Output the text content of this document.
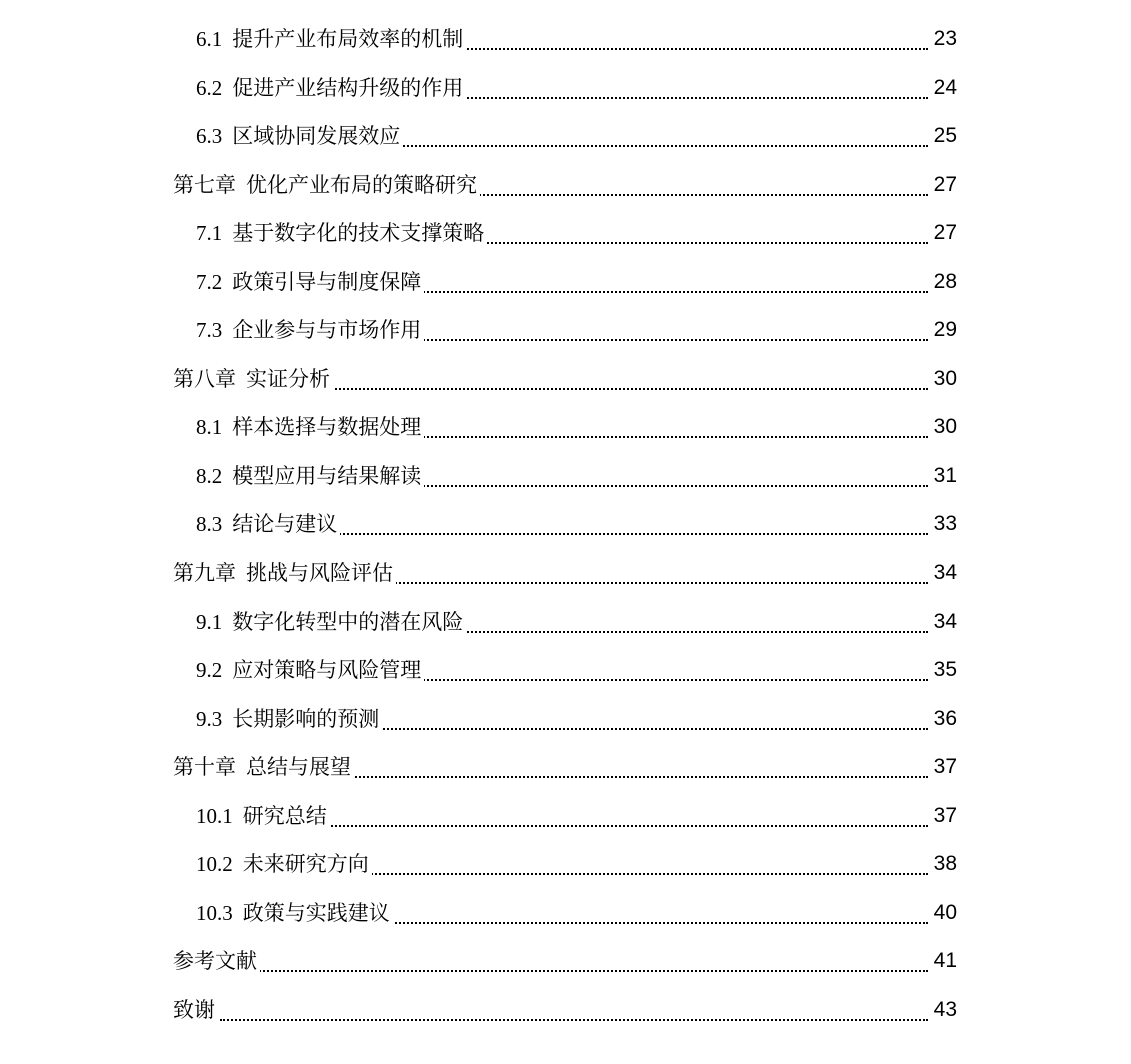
6.1 提升产业布局效率的机制	23
6.2 促进产业结构升级的作用	24
6.3 区域协同发展效应	25
第七章 优化产业布局的策略研究	27
7.1 基于数字化的技术支撑策略	27
7.2 政策引导与制度保障	28
7.3 企业参与与市场作用	29
第八章 实证分析	30
8.1 样本选择与数据处理	30
8.2 模型应用与结果解读	31
8.3 结论与建议	33
第九章 挑战与风险评估	34
9.1 数字化转型中的潜在风险	34
9.2 应对策略与风险管理	35
9.3 长期影响的预测	36
第十章 总结与展望	37
10.1 研究总结	37
10.2 未来研究方向	38
10.3 政策与实践建议	40
参考文献	41
致谢	43
